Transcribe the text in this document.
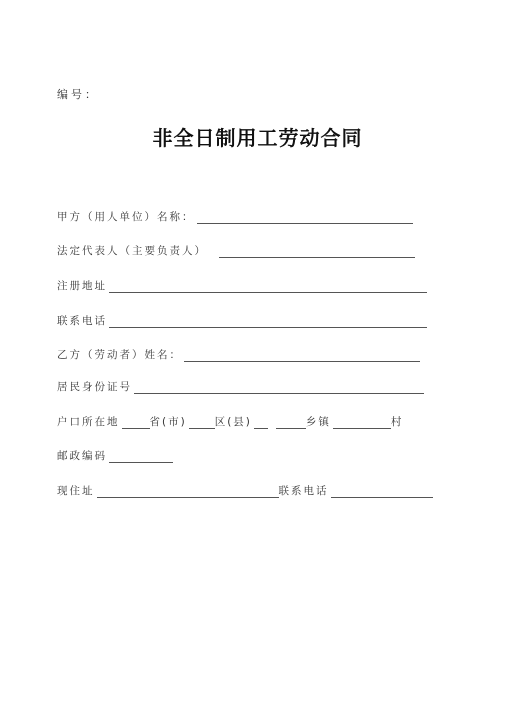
编号：
非全日制用工劳动合同
甲方（用人单位）名称：
法定代表人（主要负责人）
注册地址
联系电话
乙方（劳动者）姓名：
居民身份证号
户口所在地	省(市)	区(县)	乡镇	村
邮政编码
现住址	联系电话
